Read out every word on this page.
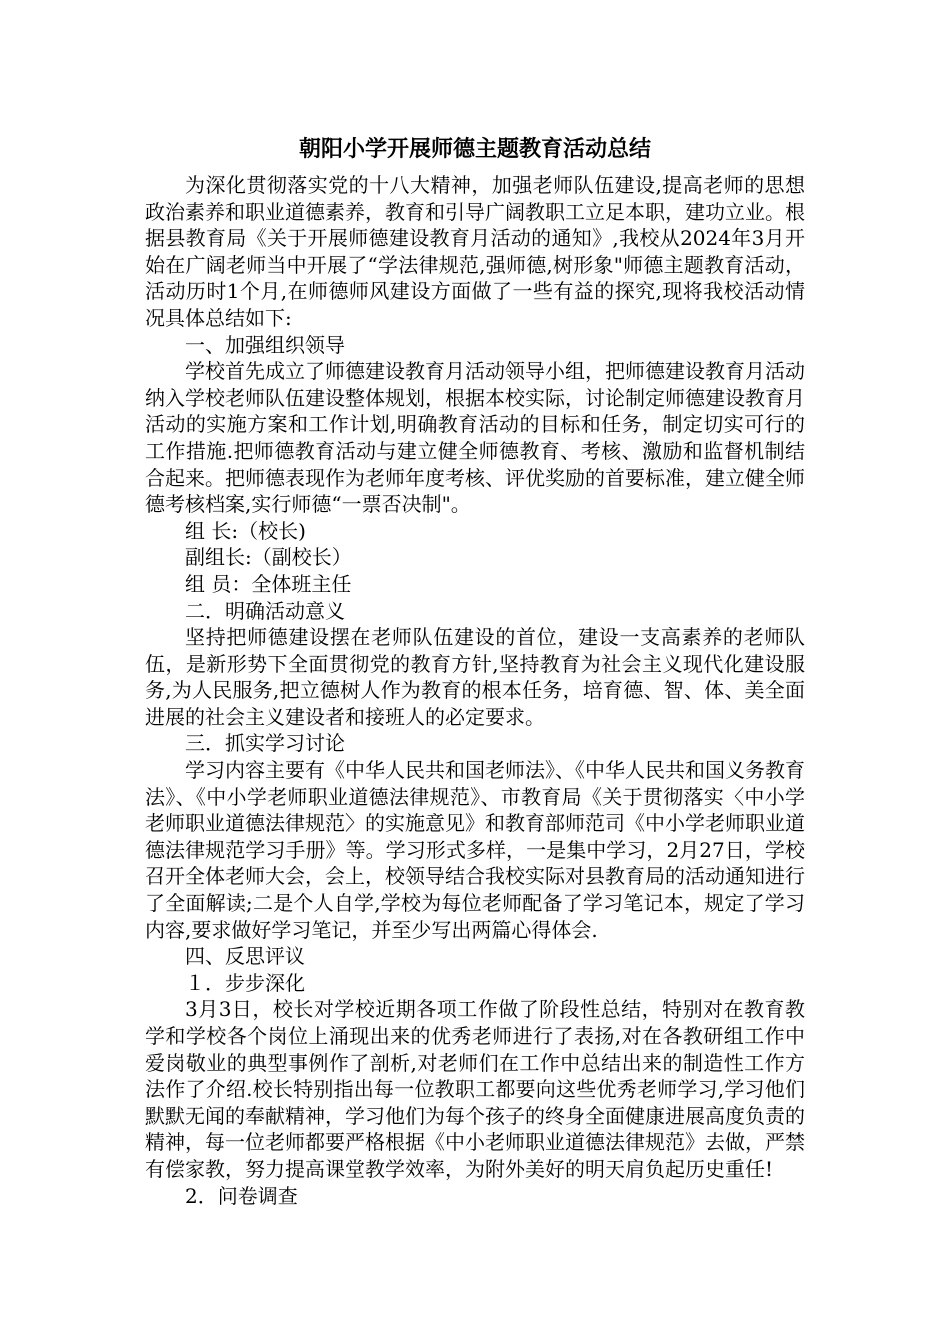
朝阳小学开展师德主题教育活动总结

为深化贯彻落实党的十八大精神，加强老师队伍建设,提高老师的思想政治素养和职业道德素养，教育和引导广阔教职工立足本职，建功立业。根据县教育局《关于开展师德建设教育月活动的通知》,我校从2024年3月开始在广阔老师当中开展了“学法律规范,强师德,树形象"师德主题教育活动，活动历时1个月,在师德师风建设方面做了一些有益的探究,现将我校活动情况具体总结如下:

一、加强组织领导

学校首先成立了师德建设教育月活动领导小组，把师德建设教育月活动纳入学校老师队伍建设整体规划，根据本校实际，讨论制定师德建设教育月活动的实施方案和工作计划,明确教育活动的目标和任务，制定切实可行的工作措施.把师德教育活动与建立健全师德教育、考核、激励和监督机制结合起来。把师德表现作为老师年度考核、评优奖励的首要标准，建立健全师德考核档案,实行师德“一票否决制"。

组 长:（校长)

副组长:（副校长）

组 员：全体班主任

二．明确活动意义

坚持把师德建设摆在老师队伍建设的首位，建设一支高素养的老师队伍，是新形势下全面贯彻党的教育方针,坚持教育为社会主义现代化建设服务,为人民服务,把立德树人作为教育的根本任务，培育德、智、体、美全面进展的社会主义建设者和接班人的必定要求。

三．抓实学习讨论

学习内容主要有《中华人民共和国老师法》、《中华人民共和国义务教育法》、《中小学老师职业道德法律规范》、市教育局《关于贯彻落实〈中小学老师职业道德法律规范〉的实施意见》和教育部师范司《中小学老师职业道德法律规范学习手册》等。学习形式多样，一是集中学习，2月27日，学校召开全体老师大会，会上，校领导结合我校实际对县教育局的活动通知进行了全面解读;二是个人自学,学校为每位老师配备了学习笔记本，规定了学习内容,要求做好学习笔记，并至少写出两篇心得体会.

四、反思评议

１．步步深化

3月3日，校长对学校近期各项工作做了阶段性总结，特别对在教育教学和学校各个岗位上涌现出来的优秀老师进行了表扬,对在各教研组工作中爱岗敬业的典型事例作了剖析,对老师们在工作中总结出来的制造性工作方法作了介绍.校长特别指出每一位教职工都要向这些优秀老师学习,学习他们默默无闻的奉献精神，学习他们为每个孩子的终身全面健康进展高度负责的精神，每一位老师都要严格根据《中小老师职业道德法律规范》去做，严禁有偿家教，努力提高课堂教学效率，为附外美好的明天肩负起历史重任!

2．问卷调查
